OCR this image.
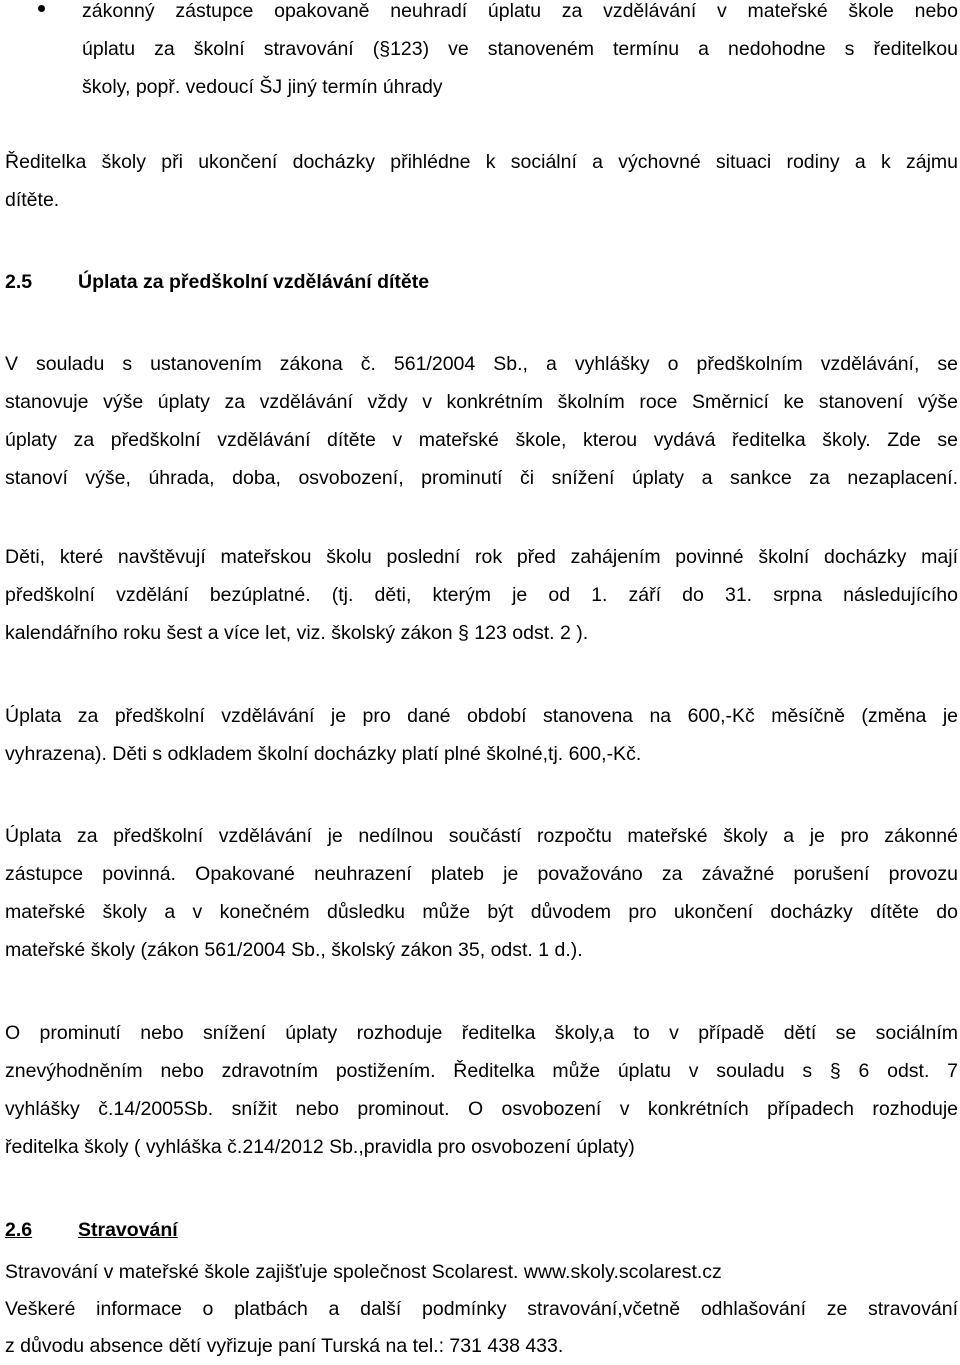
zákonný zástupce opakovaně neuhradí úplatu za vzdělávání v mateřské škole nebo
úplatu za školní stravování (§123) ve stanoveném termínu a nedohodne s ředitelkou
školy, popř. vedoucí ŠJ jiný termín úhrady
Ředitelka školy při ukončení docházky přihlédne k sociální a výchovné situaci rodiny a k zájmu
dítěte.
2.5 Úplata za předškolní vzdělávání dítěte
V souladu s ustanovením zákona č. 561/2004 Sb., a vyhlášky o předškolním vzdělávání, se
stanovuje výše úplaty za vzdělávání vždy v konkrétním školním roce Směrnicí ke stanovení výše
úplaty za předškolní vzdělávání dítěte v mateřské škole, kterou vydává ředitelka školy. Zde se
stanoví výše, úhrada, doba, osvobození, prominutí či snížení úplaty a sankce za nezaplacení.
Děti, které navštěvují mateřskou školu poslední rok před zahájením povinné školní docházky mají
předškolní vzdělání bezúplatné. (tj. děti, kterým je od 1. září do 31. srpna následujícího
kalendářního roku šest a více let, viz. školský zákon § 123 odst. 2 ).
Úplata za předškolní vzdělávání je pro dané období stanovena na 600,-Kč měsíčně (změna je
vyhrazena). Děti s odkladem školní docházky platí plné školné,tj. 600,-Kč.
Úplata za předškolní vzdělávání je nedílnou součástí rozpočtu mateřské školy a je pro zákonné
zástupce povinná. Opakované neuhrazení plateb je považováno za závažné porušení provozu
mateřské školy a v konečném důsledku může být důvodem pro ukončení docházky dítěte do
mateřské školy (zákon 561/2004 Sb., školský zákon 35, odst. 1 d.).
O prominutí nebo snížení úplaty rozhoduje ředitelka školy,a to v případě dětí se sociálním
znevýhodněním nebo zdravotním postižením. Ředitelka může úplatu v souladu s § 6 odst. 7
vyhlášky č.14/2005Sb. snížit nebo prominout. O osvobození v konkrétních případech rozhoduje
ředitelka školy ( vyhláška č.214/2012 Sb.,pravidla pro osvobození úplaty)
2.6 Stravování
Stravování v mateřské škole zajišťuje společnost Scolarest. www.skoly.scolarest.cz
Veškeré informace o platbách a další podmínky stravování,včetně odhlašování ze stravování
z důvodu absence dětí vyřizuje paní Turská na tel.: 731 438 433.
